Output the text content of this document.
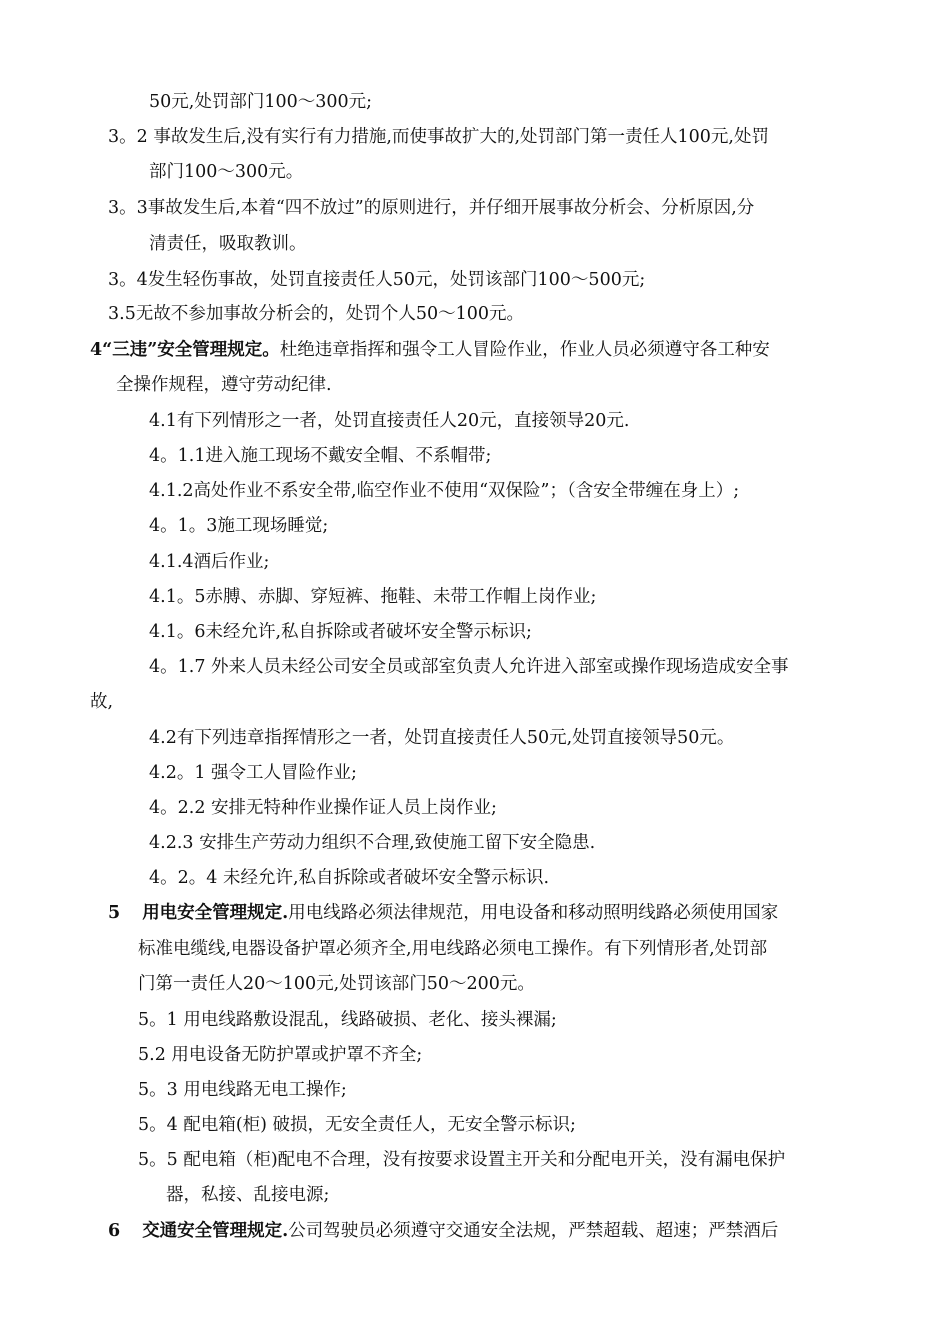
50元,处罚部门100～300元;
3。2 事故发生后,没有实行有力措施,而使事故扩大的,处罚部门第一责任人100元,处罚
部门100～300元。
3。3事故发生后,本着“四不放过”的原则进行，并仔细开展事故分析会、分析原因,分
清责任，吸取教训。
3。4发生轻伤事故，处罚直接责任人50元，处罚该部门100～500元;
3.5无故不参加事故分析会的，处罚个人50～100元。
4“三违”安全管理规定。杜绝违章指挥和强令工人冒险作业，作业人员必须遵守各工种安
全操作规程，遵守劳动纪律.
4.1有下列情形之一者，处罚直接责任人20元，直接领导20元.
4。1.1进入施工现场不戴安全帽、不系帽带;
4.1.2高处作业不系安全带,临空作业不使用“双保险”；（含安全带缠在身上）;
4。1。3施工现场睡觉;
4.1.4酒后作业;
4.1。5赤膊、赤脚、穿短裤、拖鞋、未带工作帽上岗作业;
4.1。6未经允许,私自拆除或者破坏安全警示标识;
4。1.7 外来人员未经公司安全员或部室负责人允许进入部室或操作现场造成安全事
故,
4.2有下列违章指挥情形之一者，处罚直接责任人50元,处罚直接领导50元。
4.2。1 强令工人冒险作业;
4。2.2 安排无特种作业操作证人员上岗作业;
4.2.3 安排生产劳动力组织不合理,致使施工留下安全隐患.
4。2。4 未经允许,私自拆除或者破坏安全警示标识.
5 用电安全管理规定.用电线路必须法律规范，用电设备和移动照明线路必须使用国家
标准电缆线,电器设备护罩必须齐全,用电线路必须电工操作。有下列情形者,处罚部
门第一责任人20～100元,处罚该部门50～200元。
5。1 用电线路敷设混乱，线路破损、老化、接头裸漏;
5.2 用电设备无防护罩或护罩不齐全;
5。3 用电线路无电工操作;
5。4 配电箱(柜) 破损，无安全责任人，无安全警示标识;
5。5 配电箱（柜)配电不合理，没有按要求设置主开关和分配电开关，没有漏电保护
器，私接、乱接电源;
6 交通安全管理规定.公司驾驶员必须遵守交通安全法规，严禁超载、超速；严禁酒后
